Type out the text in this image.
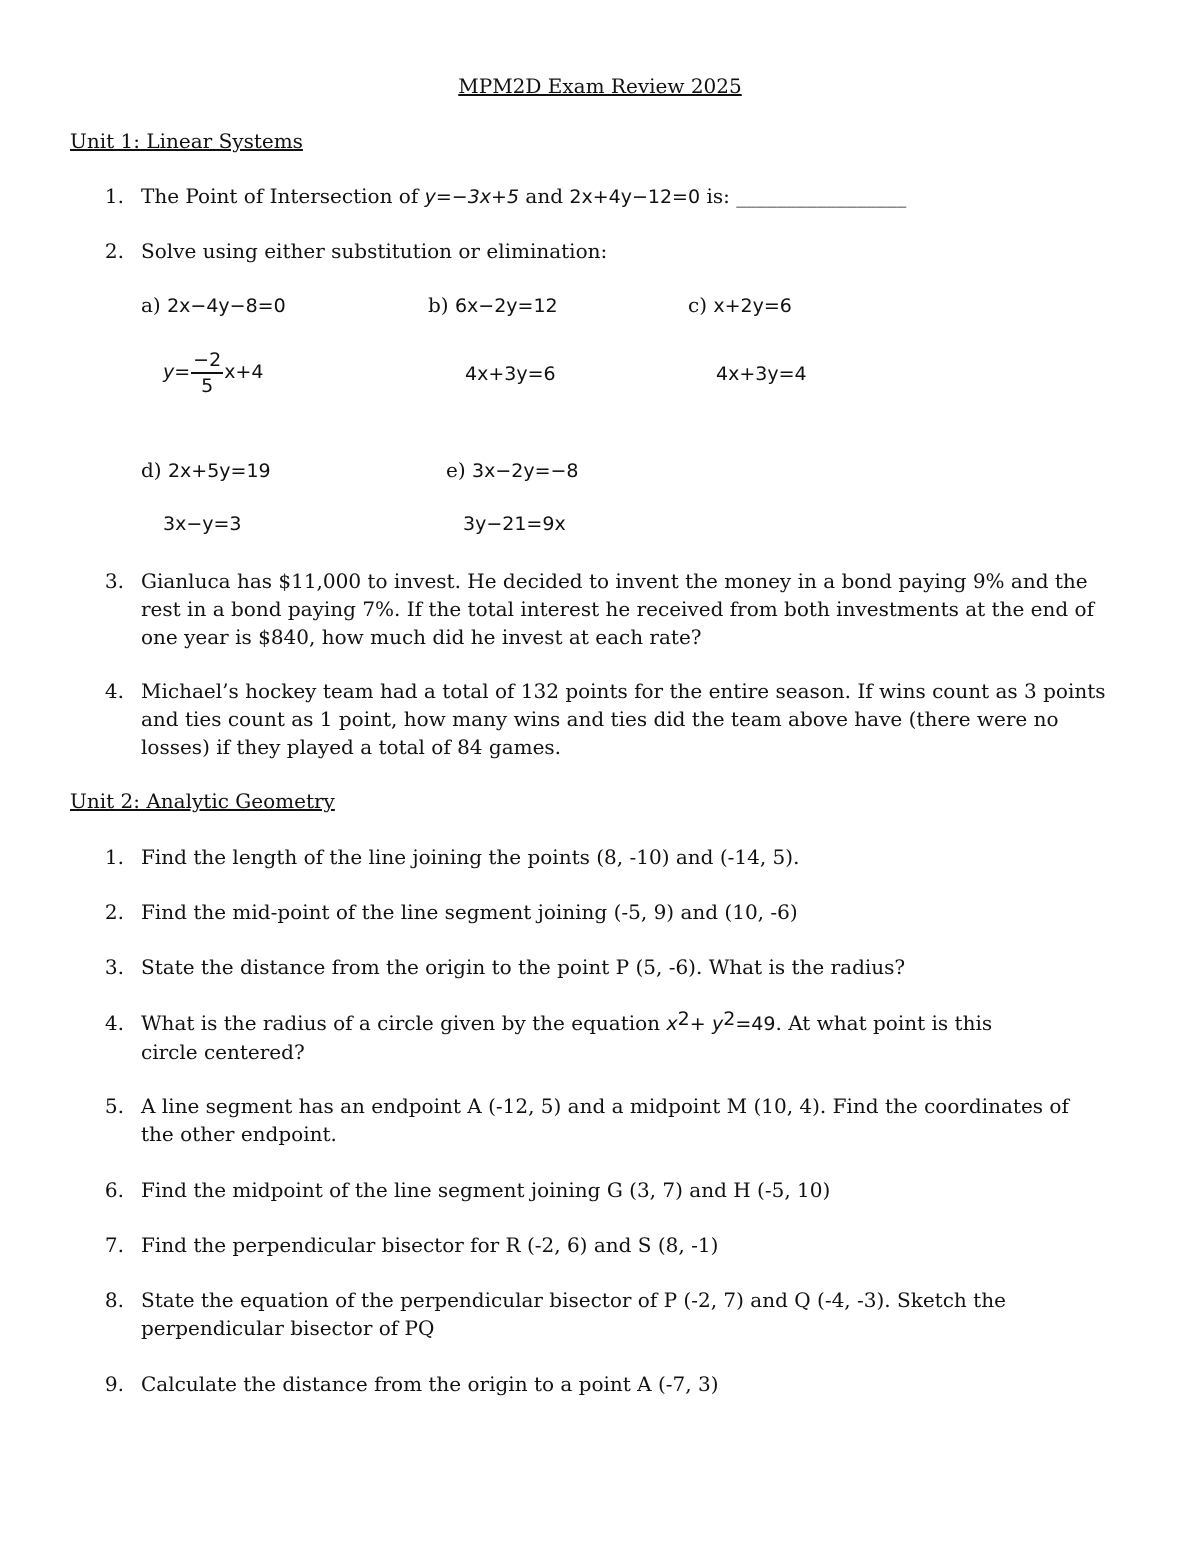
MPM2D Exam Review 2025
Unit 1: Linear Systems
1. The Point of Intersection of y=−3x+5 and 2x+4y−12=0 is: _________________
2. Solve using either substitution or elimination:
a) 2x−4y−8=0
$y= \frac{-2}{5} x+4$
b) 6x−2y=12
4x+3y=6
c) x+2y=6
4x+3y=4
d) 2x+5y=19
3x−y=3
e) 3x−2y=−8
3y−21=9x
3. Gianluca has $11,000 to invest. He decided to invent the money in a bond paying 9% and the rest in a bond paying 7%. If the total interest he received from both investments at the end of one year is $840, how much did he invest at each rate?
4. Michael’s hockey team had a total of 132 points for the entire season. If wins count as 3 points and ties count as 1 point, how many wins and ties did the team above have (there were no losses) if they played a total of 84 games.
Unit 2: Analytic Geometry
1. Find the length of the line joining the points (8, -10) and (-14, 5).
2. Find the mid-point of the line segment joining (-5, 9) and (10, -6)
3. State the distance from the origin to the point P (5, -6). What is the radius?
4. What is the radius of a circle given by the equation $x^2+ y^2=49$. At what point is this circle centered?
5. A line segment has an endpoint A (-12, 5) and a midpoint M (10, 4). Find the coordinates of the other endpoint.
6. Find the midpoint of the line segment joining G (3, 7) and H (-5, 10)
7. Find the perpendicular bisector for R (-2, 6) and S (8, -1)
8. State the equation of the perpendicular bisector of P (-2, 7) and Q (-4, -3). Sketch the perpendicular bisector of PQ
9. Calculate the distance from the origin to a point A (-7, 3)
